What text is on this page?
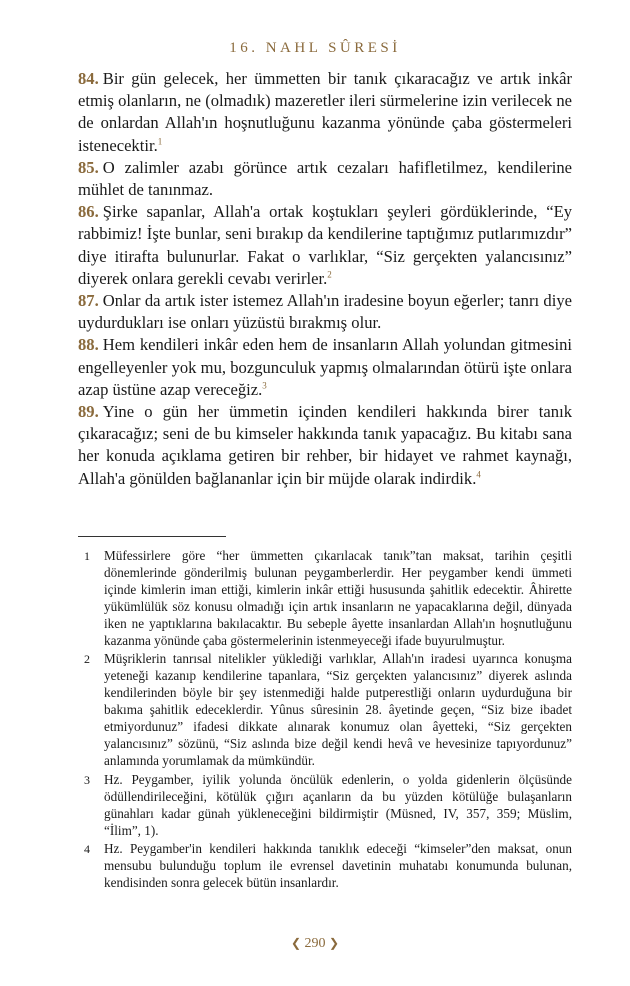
16. NAHL SÛRESİ

84. Bir gün gelecek, her ümmetten bir tanık çıkaracağız ve artık inkâr etmiş olanların, ne (olmadık) mazeretler ileri sürmelerine izin verilecek ne de onlardan Allah'ın hoşnutluğunu kazanma yönünde çaba göstermeleri istenecektir.$^1$

85. O zalimler azabı görünce artık cezaları hafifletilmez, kendilerine mühlet de tanınmaz.

86. Şirke sapanlar, Allah'a ortak koştukları şeyleri gördüklerinde, “Ey rabbimiz! İşte bunlar, seni bırakıp da kendilerine taptığımız putlarımızdır” diye itirafta bulunurlar. Fakat o varlıklar, “Siz gerçekten yalancısınız” diyerek onlara gerekli cevabı verirler.$^2$

87. Onlar da artık ister istemez Allah'ın iradesine boyun eğerler; tanrı diye uydurdukları ise onları yüzüstü bırakmış olur.

88. Hem kendileri inkâr eden hem de insanların Allah yolundan gitmesini engelleyenler yok mu, bozgunculuk yapmış olmalarından ötürü işte onlara azap üstüne azap vereceğiz.$^3$

89. Yine o gün her ümmetin içinden kendileri hakkında birer tanık çıkaracağız; seni de bu kimseler hakkında tanık yapacağız. Bu kitabı sana her konuda açıklama getiren bir rehber, bir hidayet ve rahmet kaynağı, Allah'a gönülden bağlananlar için bir müjde olarak indirdik.$^4$

1	Müfessirlere göre “her ümmetten çıkarılacak tanık”tan maksat, tarihin çeşitli dönemlerinde gönderilmiş bulunan peygamberlerdir. Her peygamber kendi ümmeti içinde kimlerin iman ettiği, kimlerin inkâr ettiği hususunda şahitlik edecektir. Âhirette yükümlülük söz konusu olmadığı için artık insanların ne yapacaklarına değil, dünyada iken ne yaptıklarına bakılacaktır. Bu sebeple âyette insanlardan Allah'ın hoşnutluğunu kazanma yönünde çaba göstermelerinin istenmeyeceği ifade buyurulmuştur.
2	Müşriklerin tanrısal nitelikler yüklediği varlıklar, Allah'ın iradesi uyarınca konuşma yeteneği kazanıp kendilerine tapanlara, “Siz gerçekten yalancısınız” diyerek aslında kendilerinden böyle bir şey istenmediği halde putperestliği onların uydurduğuna bir bakıma şahitlik edeceklerdir. Yûnus sûresinin 28. âyetinde geçen, “Siz bize ibadet etmiyordunuz” ifadesi dikkate alınarak konumuz olan âyetteki, “Siz gerçekten yalancısınız” sözünü, “Siz aslında bize değil kendi hevâ ve hevesinize tapıyordunuz” anlamında yorumlamak da mümkündür.
3	Hz. Peygamber, iyilik yolunda öncülük edenlerin, o yolda gidenlerin ölçüsünde ödüllendirileceğini, kötülük çığırı açanların da bu yüzden kötülüğe bulaşanların günahları kadar günah yükleneceğini bildirmiştir (Müsned, IV, 357, 359; Müslim, “İlim”, 1).
4	Hz. Peygamber'in kendileri hakkında tanıklık edeceği “kimseler”den maksat, onun mensubu bulunduğu toplum ile evrensel davetinin muhatabı konumunda bulunan, kendisinden sonra gelecek bütün insanlardır.
❮ 290 ❯
